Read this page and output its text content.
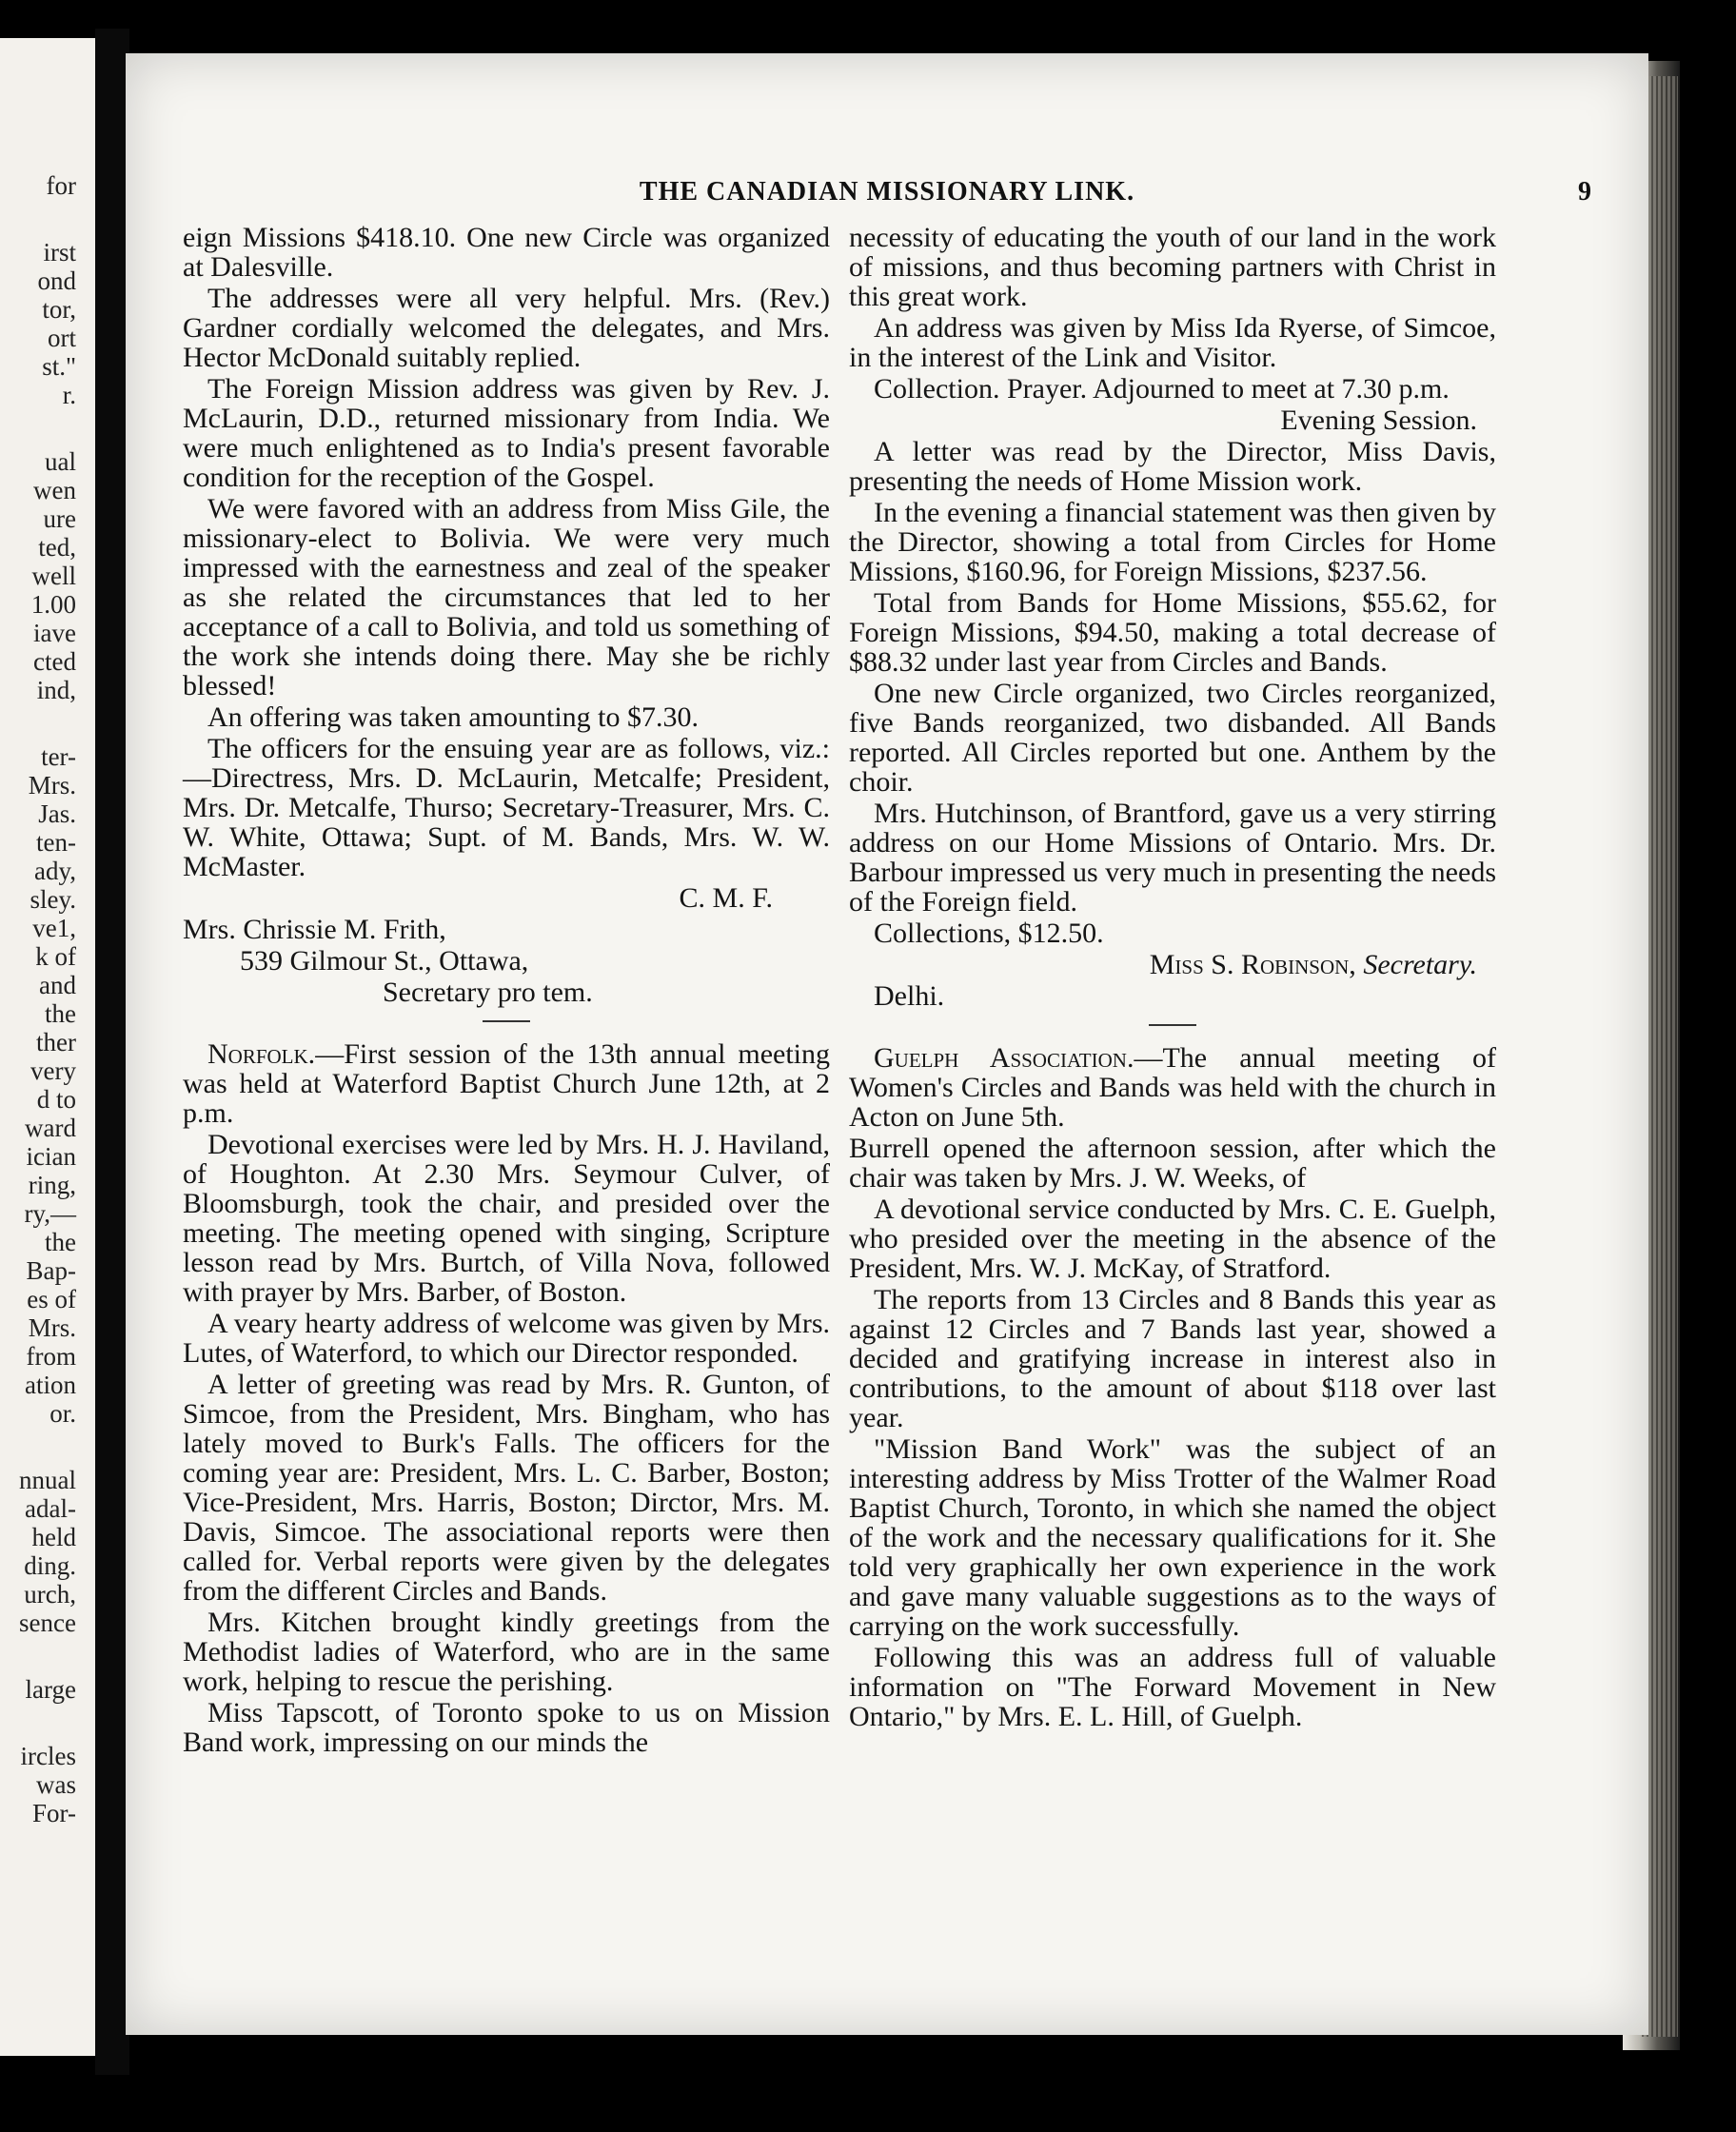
for
irst
ond
tor,
ort
st."
r.
ual
wen
ure
ted,
well
1.00
iave
cted
ind,
ter-
Mrs.
Jas.
ten-
ady,
sley.
ve1,
k of
and
the
ther
very
d to
ward
ician
ring,
ry,—
the
Bap-
es of
Mrs.
from
ation
or.
nnual
adal-
held
ding.
urch,
sence
large
ircles
was
For-
THE CANADIAN MISSIONARY LINK.	9

eign Missions $418.10. One new Circle was organized at Dalesville.

The addresses were all very helpful. Mrs. (Rev.) Gardner cordially welcomed the delegates, and Mrs. Hector McDonald suitably replied.

The Foreign Mission address was given by Rev. J. McLaurin, D.D., returned missionary from India. We were much enlightened as to India's present favorable condition for the reception of the Gospel.

We were favored with an address from Miss Gile, the missionary-elect to Bolivia. We were very much impressed with the earnestness and zeal of the speaker as she related the circumstances that led to her acceptance of a call to Bolivia, and told us something of the work she intends doing there. May she be richly blessed!

An offering was taken amounting to $7.30.

The officers for the ensuing year are as follows, viz.:—Directress, Mrs. D. McLaurin, Metcalfe; President, Mrs. Dr. Metcalfe, Thurso; Secretary-Treasurer, Mrs. C. W. White, Ottawa; Supt. of M. Bands, Mrs. W. W. McMaster.

C. M. F.

Mrs. Chrissie M. Frith,

539 Gilmour St., Ottawa,

Secretary pro tem.

Norfolk.—First session of the 13th annual meeting was held at Waterford Baptist Church June 12th, at 2 p.m.

Devotional exercises were led by Mrs. H. J. Haviland, of Houghton. At 2.30 Mrs. Seymour Culver, of Bloomsburgh, took the chair, and presided over the meeting. The meeting opened with singing, Scripture lesson read by Mrs. Burtch, of Villa Nova, followed with prayer by Mrs. Barber, of Boston.

A veary hearty address of welcome was given by Mrs. Lutes, of Waterford, to which our Director responded.

A letter of greeting was read by Mrs. R. Gunton, of Simcoe, from the President, Mrs. Bingham, who has lately moved to Burk's Falls. The officers for the coming year are: President, Mrs. L. C. Barber, Boston; Vice-President, Mrs. Harris, Boston; Dirctor, Mrs. M. Davis, Simcoe. The associational reports were then called for. Verbal reports were given by the delegates from the different Circles and Bands.

Mrs. Kitchen brought kindly greetings from the Methodist ladies of Waterford, who are in the same work, helping to rescue the perishing.

Miss Tapscott, of Toronto spoke to us on Mission Band work, impressing on our minds the

necessity of educating the youth of our land in the work of missions, and thus becoming partners with Christ in this great work.

An address was given by Miss Ida Ryerse, of Simcoe, in the interest of the Link and Visitor.

Collection. Prayer. Adjourned to meet at 7.30 p.m.

Evening Session.

A letter was read by the Director, Miss Davis, presenting the needs of Home Mission work.

In the evening a financial statement was then given by the Director, showing a total from Circles for Home Missions, $160.96, for Foreign Missions, $237.56.

Total from Bands for Home Missions, $55.62, for Foreign Missions, $94.50, making a total decrease of $88.32 under last year from Circles and Bands.

One new Circle organized, two Circles reorganized, five Bands reorganized, two disbanded. All Bands reported. All Circles reported but one. Anthem by the choir.

Mrs. Hutchinson, of Brantford, gave us a very stirring address on our Home Missions of Ontario. Mrs. Dr. Barbour impressed us very much in presenting the needs of the Foreign field.

Collections, $12.50.

Miss S. Robinson, Secretary.

Delhi.

Guelph Association.—The annual meeting of Women's Circles and Bands was held with the church in Acton on June 5th.

Burrell opened the afternoon session, after which the chair was taken by Mrs. J. W. Weeks, of

A devotional service conducted by Mrs. C. E. Guelph, who presided over the meeting in the absence of the President, Mrs. W. J. McKay, of Stratford.

The reports from 13 Circles and 8 Bands this year as against 12 Circles and 7 Bands last year, showed a decided and gratifying increase in interest also in contributions, to the amount of about $118 over last year.

"Mission Band Work" was the subject of an interesting address by Miss Trotter of the Walmer Road Baptist Church, Toronto, in which she named the object of the work and the necessary qualifications for it. She told very graphically her own experience in the work and gave many valuable suggestions as to the ways of carrying on the work successfully.

Following this was an address full of valuable information on "The Forward Movement in New Ontario," by Mrs. E. L. Hill, of Guelph.
